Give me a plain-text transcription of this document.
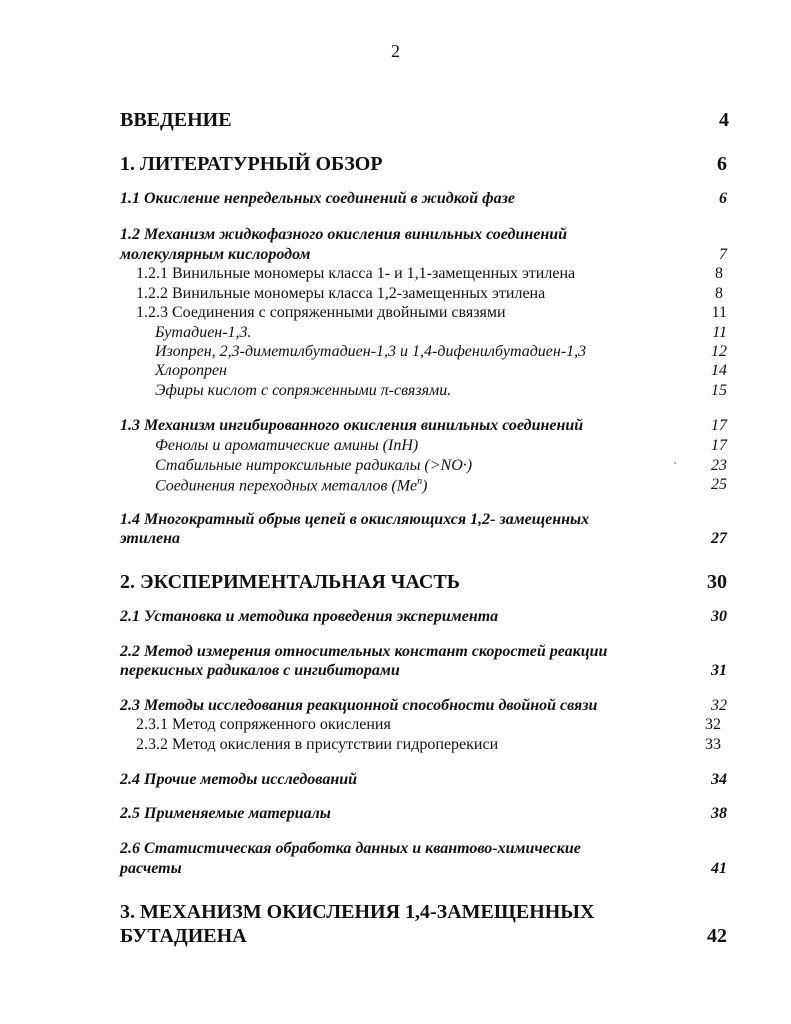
2
ВВЕДЕНИЕ	4
1. ЛИТЕРАТУРНЫЙ ОБЗОР	6
1.1 Окисление непредельных соединений в жидкой фазе	6
1.2 Механизм жидкофазного окисления винильных соединений
молекулярным кислородом	7
1.2.1 Винильные мономеры класса 1- и 1,1-замещенных этилена	8
1.2.2 Винильные мономеры класса 1,2-замещенных этилена	8
1.2.3 Соединения с сопряженными двойными связями	11
Бутадиен-1,3.	11
Изопрен, 2,3-диметилбутадиен-1,3 и 1,4-дифенилбутадиен-1,3	12
Хлоропрен	14
Эфиры кислот с сопряженными π-связями.	15
1.3 Механизм ингибированного окисления винильных соединений	17
Фенолы и ароматические амины (InH)	17
Стабильные нитроксильные радикалы (>NO·)	23
Соединения переходных металлов (Me$^n$)	25
1.4 Многократный обрыв цепей в окисляющихся 1,2- замещенных
этилена	27
2. ЭКСПЕРИМЕНТАЛЬНАЯ ЧАСТЬ	30
2.1 Установка и методика проведения эксперимента	30
2.2 Метод измерения относительных констант скоростей реакции
перекисных радикалов с ингибиторами	31
2.3 Методы исследования реакционной способности двойной связи	32
2.3.1 Метод сопряженного окисления	32
2.3.2 Метод окисления в присутствии гидроперекиси	33
2.4 Прочие методы исследований	34
2.5 Применяемые материалы	38
2.6 Статистическая обработка данных и квантово-химические
расчеты	41
3. МЕХАНИЗМ ОКИСЛЕНИЯ 1,4-ЗАМЕЩЕННЫХ
БУТАДИЕНА	42
